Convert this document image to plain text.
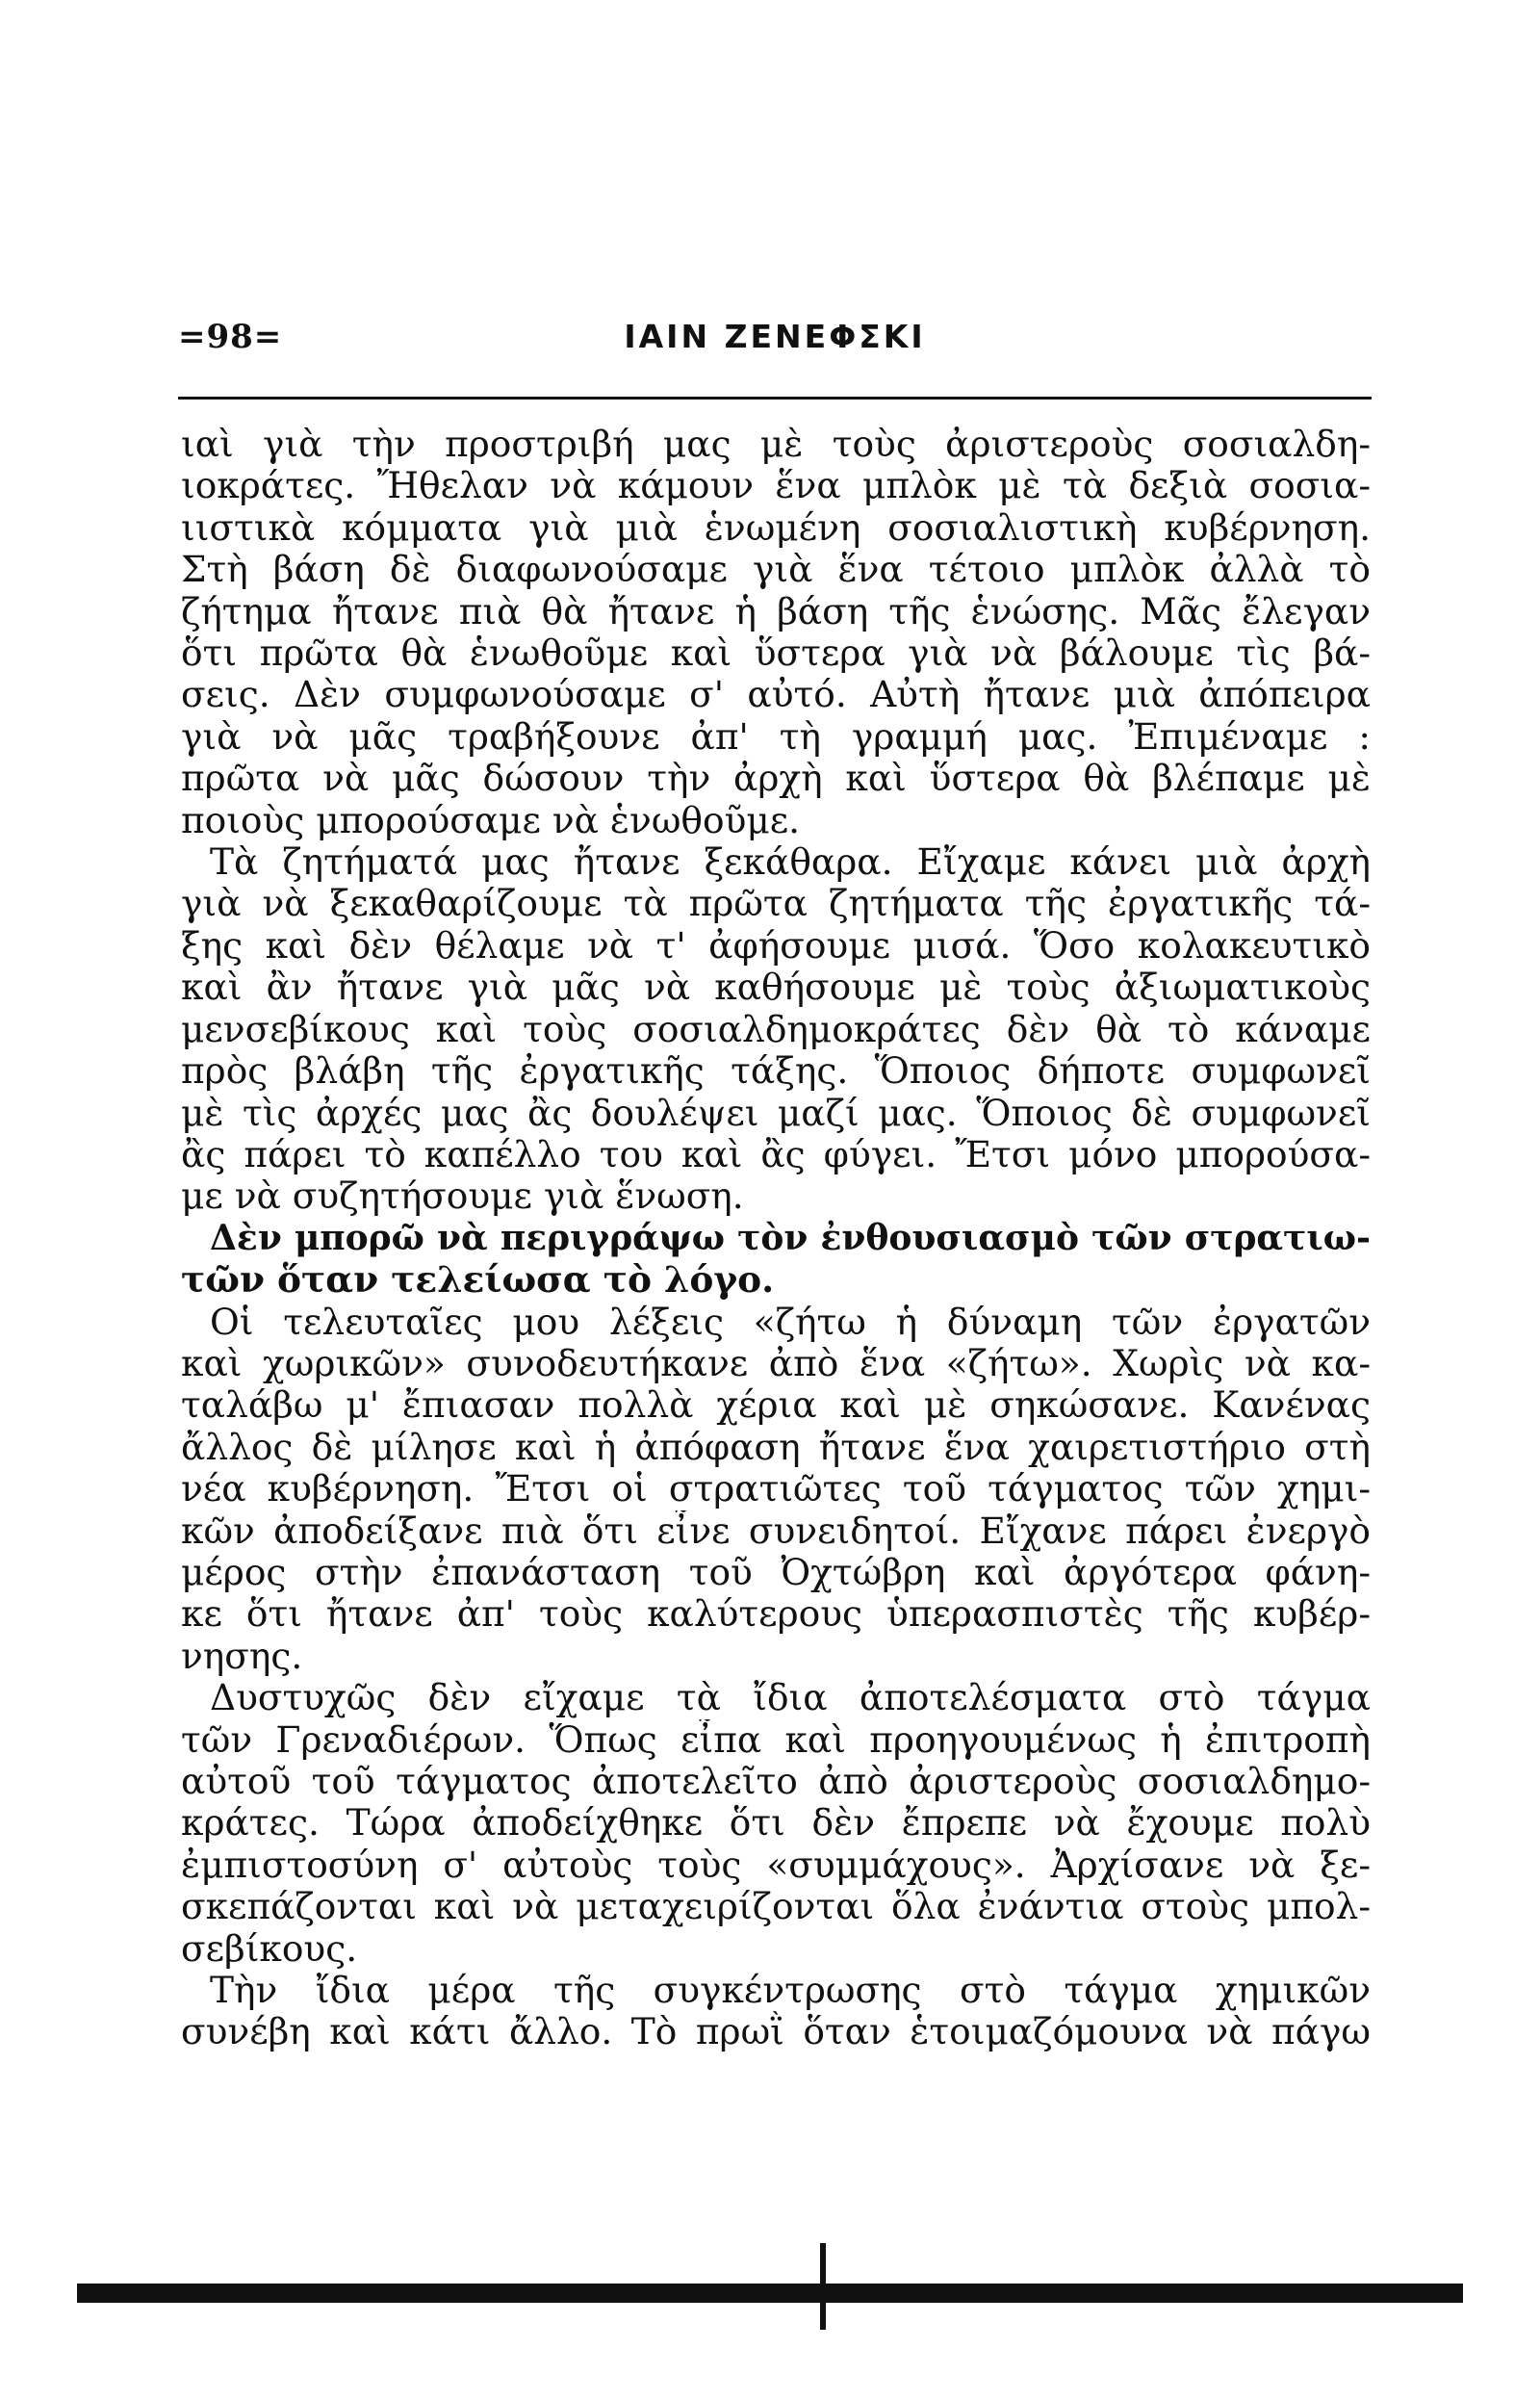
=98=	ΙΑΙΝ ΖΕΝΕΦΣΚΙ

ιαὶ γιὰ τὴν προστριβή μας μὲ τοὺς ἀριστεροὺς σοσιαλδη-
ιοκράτες. Ἤθελαν νὰ κάμουν ἕνα μπλὸκ μὲ τὰ δεξιὰ σοσια-
ιιστικὰ κόμματα γιὰ μιὰ ἑνωμένη σοσιαλιστικὴ κυβέρνηση.
Στὴ βάση δὲ διαφωνούσαμε γιὰ ἕνα τέτοιο μπλὸκ ἀλλὰ τὸ
ζήτημα ἤτανε πιὰ θὰ ἤτανε ἡ βάση τῆς ἑνώσης. Μᾶς ἔλεγαν
ὅτι πρῶτα θὰ ἑνωθοῦμε καὶ ὕστερα γιὰ νὰ βάλουμε τὶς βά-
σεις. Δὲν συμφωνούσαμε σ' αὐτό. Αὐτὴ ἤτανε μιὰ ἀπόπειρα
γιὰ νὰ μᾶς τραβήξουνε ἀπ' τὴ γραμμή μας. Ἐπιμέναμε :
πρῶτα νὰ μᾶς δώσουν τὴν ἀρχὴ καὶ ὕστερα θὰ βλέπαμε μὲ
ποιοὺς μπορούσαμε νὰ ἑνωθοῦμε.

Τὰ ζητήματά μας ἤτανε ξεκάθαρα. Εἴχαμε κάνει μιὰ ἀρχὴ
γιὰ νὰ ξεκαθαρίζουμε τὰ πρῶτα ζητήματα τῆς ἐργατικῆς τά-
ξης καὶ δὲν θέλαμε νὰ τ' ἀφήσουμε μισά. Ὅσο κολακευτικὸ
καὶ ἂν ἤτανε γιὰ μᾶς νὰ καθήσουμε μὲ τοὺς ἀξιωματικοὺς
μενσεβίκους καὶ τοὺς σοσιαλδημοκράτες δὲν θὰ τὸ κάναμε
πρὸς βλάβη τῆς ἐργατικῆς τάξης. Ὅποιος δήποτε συμφωνεῖ
μὲ τὶς ἀρχές μας ἂς δουλέψει μαζί μας. Ὅποιος δὲ συμφωνεῖ
ἂς πάρει τὸ καπέλλο του καὶ ἂς φύγει. Ἔτσι μόνο μπορούσα-
με νὰ συζητήσουμε γιὰ ἕνωση.

Δὲν μπορῶ νὰ περιγράψω τὸν ἐνθουσιασμὸ τῶν στρατιω-
τῶν ὅταν τελείωσα τὸ λόγο.

Οἱ τελευταῖες μου λέξεις «ζήτω ἡ δύναμη τῶν ἐργατῶν
καὶ χωρικῶν» συνοδευτήκανε ἀπὸ ἕνα «ζήτω». Χωρὶς νὰ κα-
ταλάβω μ' ἔπιασαν πολλὰ χέρια καὶ μὲ σηκώσανε. Κανένας
ἄλλος δὲ μίλησε καὶ ἡ ἀπόφαση ἤτανε ἕνα χαιρετιστήριο στὴ
νέα κυβέρνηση. Ἔτσι οἱ στρατιῶτες τοῦ τάγματος τῶν χημι-
κῶν ἀποδείξανε πιὰ ὅτι εἶνε συνειδητοί. Εἴχανε πάρει ἐνεργὸ
μέρος στὴν ἐπανάσταση τοῦ Ὀχτώβρη καὶ ἀργότερα φάνη-
κε ὅτι ἤτανε ἀπ' τοὺς καλύτερους ὑπερασπιστὲς τῆς κυβέρ-
νησης.

Δυστυχῶς δὲν εἴχαμε τὰ ἴδια ἀποτελέσματα στὸ τάγμα
τῶν Γρεναδιέρων. Ὅπως εἶπα καὶ προηγουμένως ἡ ἐπιτροπὴ
αὐτοῦ τοῦ τάγματος ἀποτελεῖτο ἀπὸ ἀριστεροὺς σοσιαλδημο-
κράτες. Τώρα ἀποδείχθηκε ὅτι δὲν ἔπρεπε νὰ ἔχουμε πολὺ
ἐμπιστοσύνη σ' αὐτοὺς τοὺς «συμμάχους». Ἀρχίσανε νὰ ξε-
σκεπάζονται καὶ νὰ μεταχειρίζονται ὅλα ἐνάντια στοὺς μπολ-
σεβίκους.

Τὴν ἴδια μέρα τῆς συγκέντρωσης στὸ τάγμα χημικῶν
συνέβη καὶ κάτι ἄλλο. Τὸ πρωῒ ὅταν ἑτοιμαζόμουνα νὰ πάγω
